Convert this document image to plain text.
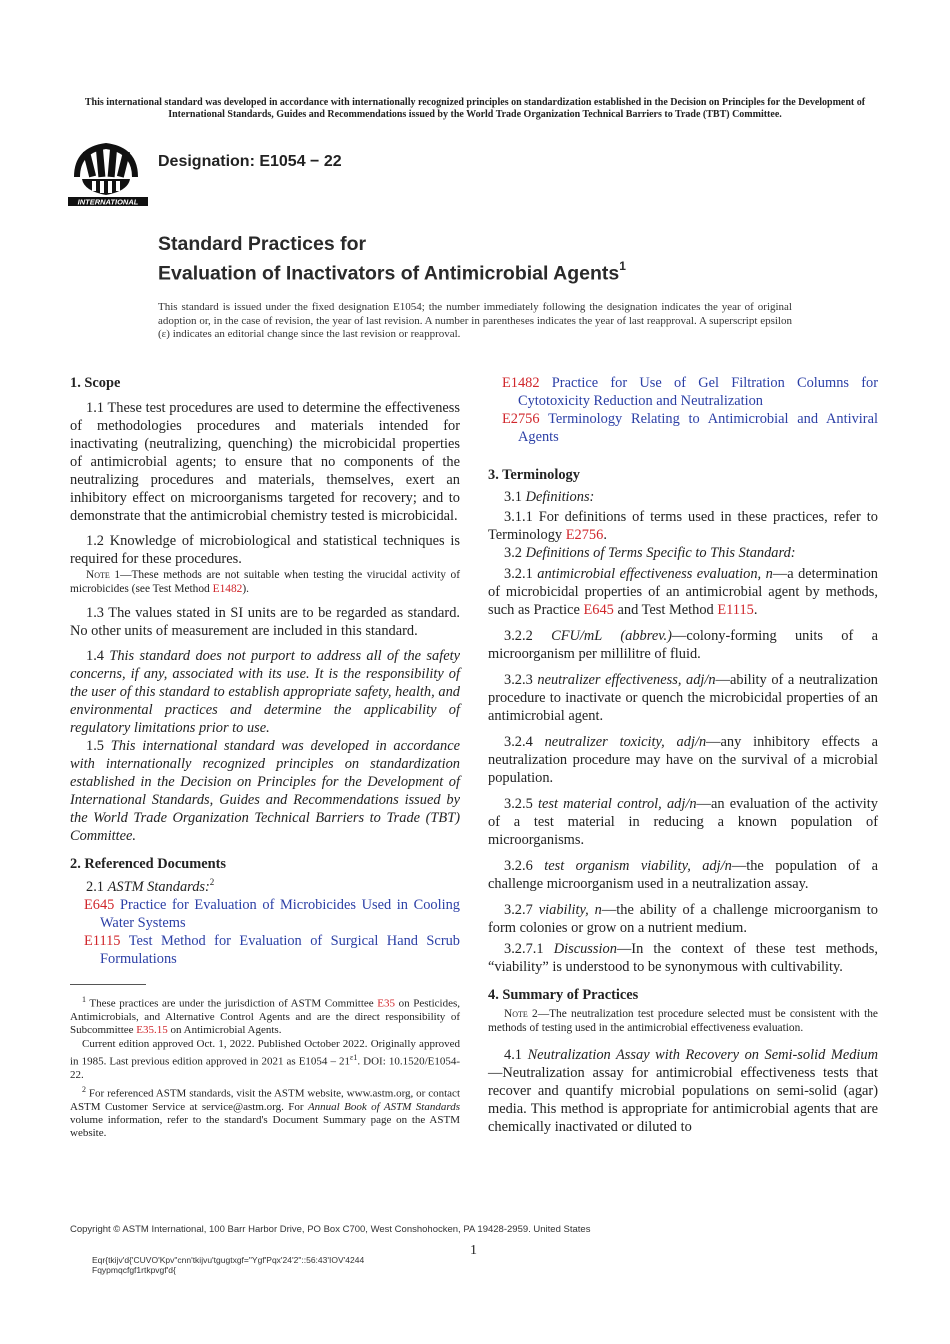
This international standard was developed in accordance with internationally recognized principles on standardization established in the Decision on Principles for the Development of International Standards, Guides and Recommendations issued by the World Trade Organization Technical Barriers to Trade (TBT) Committee.
INTERNATIONAL
Designation: E1054 − 22
Standard Practices for
Evaluation of Inactivators of Antimicrobial Agents$^1$
This standard is issued under the fixed designation E1054; the number immediately following the designation indicates the year of original adoption or, in the case of revision, the year of last revision. A number in parentheses indicates the year of last reapproval. A superscript epsilon (ε) indicates an editorial change since the last revision or reapproval.
1. Scope

1.1 These test procedures are used to determine the effectiveness of methodologies procedures and materials intended for inactivating (neutralizing, quenching) the microbicidal properties of antimicrobial agents; to ensure that no components of the neutralizing procedures and materials, themselves, exert an inhibitory effect on microorganisms targeted for recovery; and to demonstrate that the antimicrobial chemistry tested is microbicidal.

1.2 Knowledge of microbiological and statistical techniques is required for these procedures.

Note 1—These methods are not suitable when testing the virucidal activity of microbicides (see Test Method E1482).

1.3 The values stated in SI units are to be regarded as standard. No other units of measurement are included in this standard.

1.4 This standard does not purport to address all of the safety concerns, if any, associated with its use. It is the responsibility of the user of this standard to establish appropriate safety, health, and environmental practices and determine the applicability of regulatory limitations prior to use.

1.5 This international standard was developed in accordance with internationally recognized principles on standardization established in the Decision on Principles for the Development of International Standards, Guides and Recommendations issued by the World Trade Organization Technical Barriers to Trade (TBT) Committee.

2. Referenced Documents

2.1 ASTM Standards:$^2$

E645 Practice for Evaluation of Microbicides Used in Cooling Water Systems

E1115 Test Method for Evaluation of Surgical Hand Scrub Formulations

$^1$ These practices are under the jurisdiction of ASTM Committee E35 on Pesticides, Antimicrobials, and Alternative Control Agents and are the direct responsibility of Subcommittee E35.15 on Antimicrobial Agents.

Current edition approved Oct. 1, 2022. Published October 2022. Originally approved in 1985. Last previous edition approved in 2021 as $E1054 - 21^{\varepsilon 1}$. DOI: 10.1520/E1054-22.

$^2$ For referenced ASTM standards, visit the ASTM website, www.astm.org, or contact ASTM Customer Service at service@astm.org. For Annual Book of ASTM Standards volume information, refer to the standard's Document Summary page on the ASTM website.

E1482 Practice for Use of Gel Filtration Columns for Cytotoxicity Reduction and Neutralization

E2756 Terminology Relating to Antimicrobial and Antiviral Agents

3. Terminology

3.1 Definitions:

3.1.1 For definitions of terms used in these practices, refer to Terminology E2756.

3.2 Definitions of Terms Specific to This Standard:

3.2.1 antimicrobial effectiveness evaluation, n—a determination of microbicidal properties of an antimicrobial agent by methods, such as Practice E645 and Test Method E1115.

3.2.2 CFU/mL (abbrev.)—colony-forming units of a microorganism per millilitre of fluid.

3.2.3 neutralizer effectiveness, adj/n—ability of a neutralization procedure to inactivate or quench the microbicidal properties of an antimicrobial agent.

3.2.4 neutralizer toxicity, adj/n—any inhibitory effects a neutralization procedure may have on the survival of a microbial population.

3.2.5 test material control, adj/n—an evaluation of the activity of a test material in reducing a known population of microorganisms.

3.2.6 test organism viability, adj/n—the population of a challenge microorganism used in a neutralization assay.

3.2.7 viability, n—the ability of a challenge microorganism to form colonies or grow on a nutrient medium.

3.2.7.1 Discussion—In the context of these test methods, “viability” is understood to be synonymous with cultivability.

4. Summary of Practices

Note 2—The neutralization test procedure selected must be consistent with the methods of testing used in the antimicrobial effectiveness evaluation.

4.1 Neutralization Assay with Recovery on Semi-solid Medium—Neutralization assay for antimicrobial effectiveness tests that recover and quantify microbial populations on semi-solid (agar) media. This method is appropriate for antimicrobial agents that are chemically inactivated or diluted to

Copyright © ASTM International, 100 Barr Harbor Drive, PO Box C700, West Conshohocken, PA 19428-2959. United States
1
Eqr{tkijv'd{'CUVO'Kpv"cnn'tkijvu'tgugtxgf="Ygf'Pqx'24'2"::56:43'IOV'4244
Fqypmqcfgf1rtkpvgf'd{
